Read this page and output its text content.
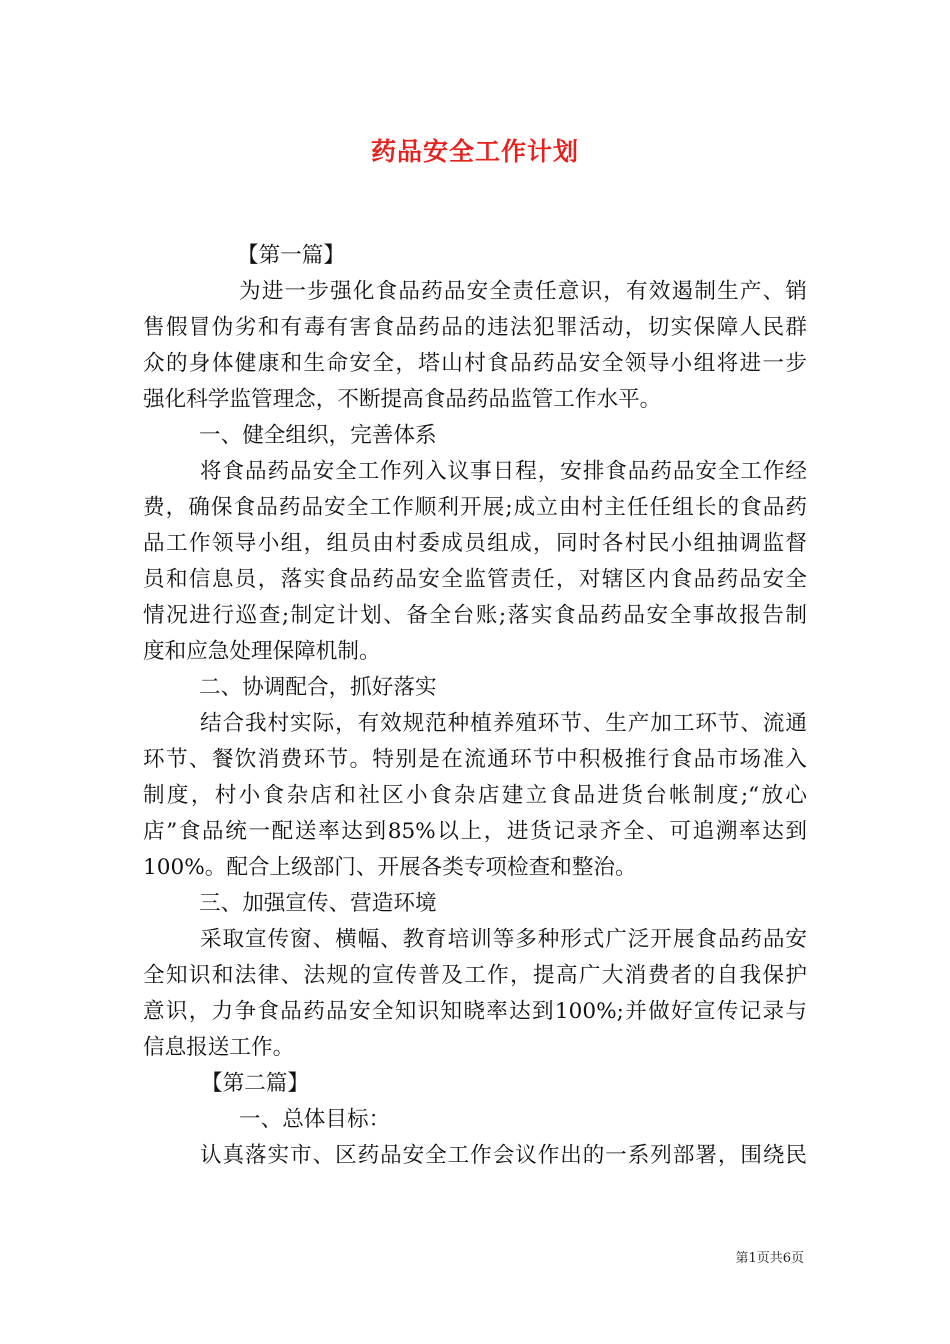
药品安全工作计划

【第一篇】

为进一步强化食品药品安全责任意识，有效遏制生产、销

售假冒伪劣和有毒有害食品药品的违法犯罪活动，切实保障人民群

众的身体健康和生命安全，塔山村食品药品安全领导小组将进一步

强化科学监管理念，不断提高食品药品监管工作水平。

一、健全组织，完善体系

将食品药品安全工作列入议事日程，安排食品药品安全工作经

费，确保食品药品安全工作顺利开展;成立由村主任任组长的食品药

品工作领导小组，组员由村委成员组成，同时各村民小组抽调监督

员和信息员，落实食品药品安全监管责任，对辖区内食品药品安全

情况进行巡查;制定计划、备全台账;落实食品药品安全事故报告制

度和应急处理保障机制。

二、协调配合，抓好落实

结合我村实际，有效规范种植养殖环节、生产加工环节、流通

环节、餐饮消费环节。特别是在流通环节中积极推行食品市场准入

制度，村小食杂店和社区小食杂店建立食品进货台帐制度;“放心

店”食品统一配送率达到85%以上，进货记录齐全、可追溯率达到

100%。配合上级部门、开展各类专项检查和整治。

三、加强宣传、营造环境

采取宣传窗、横幅、教育培训等多种形式广泛开展食品药品安

全知识和法律、法规的宣传普及工作，提高广大消费者的自我保护

意识，力争食品药品安全知识知晓率达到100%;并做好宣传记录与

信息报送工作。

【第二篇】

一、总体目标：

认真落实市、区药品安全工作会议作出的一系列部署，围绕民

第1页共6页
